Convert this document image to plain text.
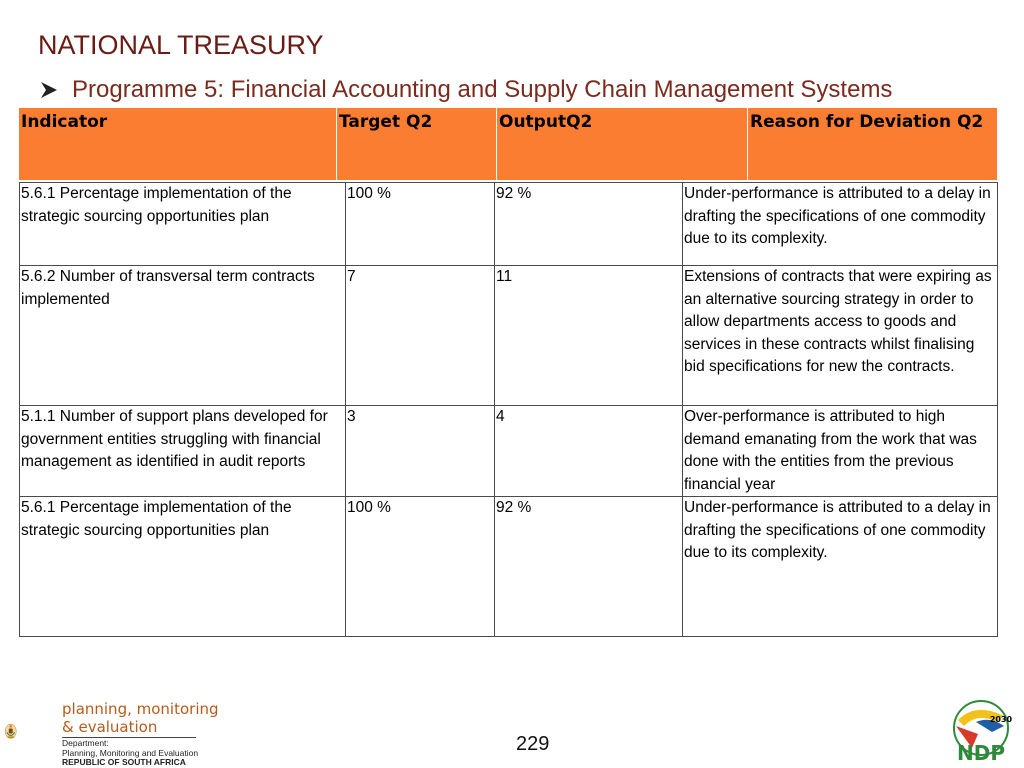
NATIONAL TREASURY
Programme 5: Financial Accounting and Supply Chain Management Systems
Indicator	Target Q2	OutputQ2	Reason for Deviation Q2
5.6.1 Percentage implementation of the strategic sourcing opportunities plan	100 %	92 %	Under-performance is attributed to a delay in drafting the specifications of one commodity due to its complexity.
5.6.2 Number of transversal term contracts implemented	7	11	Extensions of contracts that were expiring as an alternative sourcing strategy in order to allow departments access to goods and services in these contracts whilst finalising bid specifications for new the contracts.
5.1.1 Number of support plans developed for government entities struggling with financial management as identified in audit reports	3	4	Over-performance is attributed to high demand emanating from the work that was done with the entities from the previous financial year
5.6.1 Percentage implementation of the strategic sourcing opportunities plan	100 %	92 %	Under-performance is attributed to a delay in drafting the specifications of one commodity due to its complexity.
planning, monitoring
& evaluation
Department:
Planning, Monitoring and Evaluation
REPUBLIC OF SOUTH AFRICA
229
2030
NDP
